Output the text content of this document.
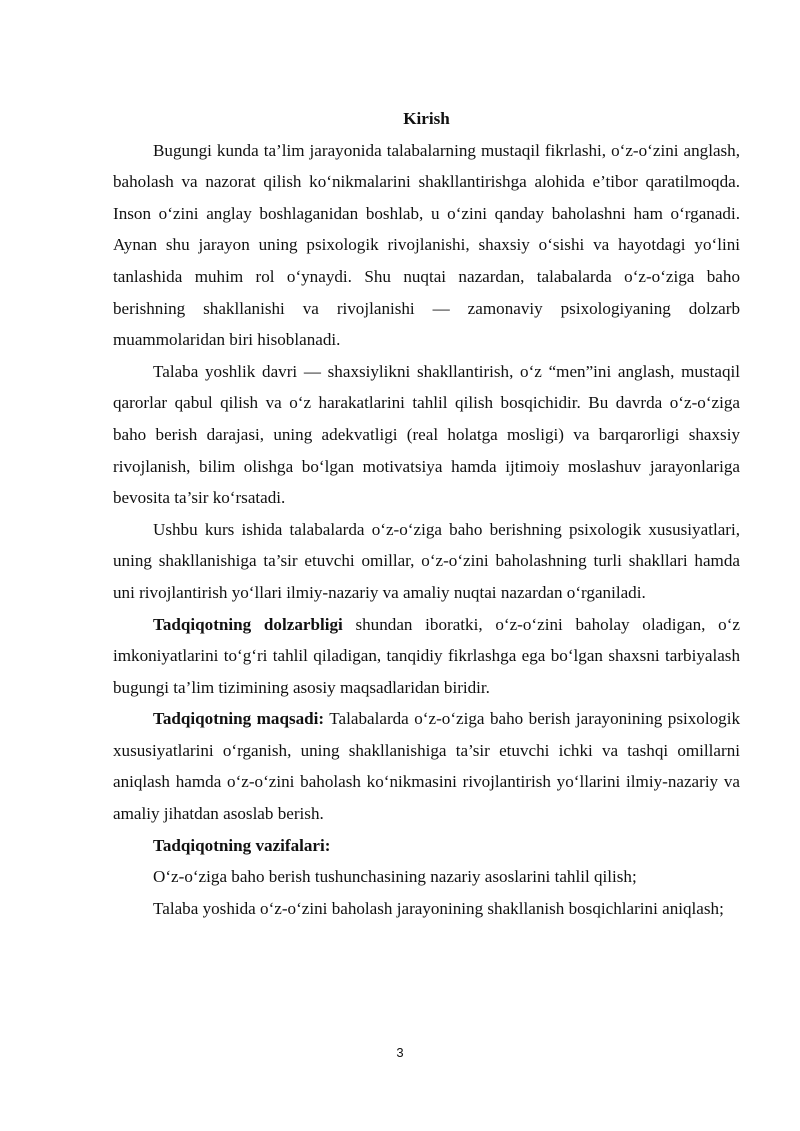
Kirish

Bugungi kunda ta’lim jarayonida talabalarning mustaqil fikrlashi, o‘z-o‘zini anglash, baholash va nazorat qilish ko‘nikmalarini shakllantirishga alohida e’tibor qaratilmoqda. Inson o‘zini anglay boshlaganidan boshlab, u o‘zini qanday baholashni ham o‘rganadi. Aynan shu jarayon uning psixologik rivojlanishi, shaxsiy o‘sishi va hayotdagi yo‘lini tanlashida muhim rol o‘ynaydi. Shu nuqtai nazardan, talabalarda o‘z-o‘ziga baho berishning shakllanishi va rivojlanishi — zamonaviy psixologiyaning dolzarb muammolaridan biri hisoblanadi.

Talaba yoshlik davri — shaxsiylikni shakllantirish, o‘z “men”ini anglash, mustaqil qarorlar qabul qilish va o‘z harakatlarini tahlil qilish bosqichidir. Bu davrda o‘z-o‘ziga baho berish darajasi, uning adekvatligi (real holatga mosligi) va barqarorligi shaxsiy rivojlanish, bilim olishga bo‘lgan motivatsiya hamda ijtimoiy moslashuv jarayonlariga bevosita ta’sir ko‘rsatadi.

Ushbu kurs ishida talabalarda o‘z-o‘ziga baho berishning psixologik xususiyatlari, uning shakllanishiga ta’sir etuvchi omillar, o‘z-o‘zini baholashning turli shakllari hamda uni rivojlantirish yo‘llari ilmiy-nazariy va amaliy nuqtai nazardan o‘rganiladi.

Tadqiqotning dolzarbligi shundan iboratki, o‘z-o‘zini baholay oladigan, o‘z imkoniyatlarini to‘g‘ri tahlil qiladigan, tanqidiy fikrlashga ega bo‘lgan shaxsni tarbiyalash bugungi ta’lim tizimining asosiy maqsadlaridan biridir.

Tadqiqotning maqsadi: Talabalarda o‘z-o‘ziga baho berish jarayonining psixologik xususiyatlarini o‘rganish, uning shakllanishiga ta’sir etuvchi ichki va tashqi omillarni aniqlash hamda o‘z-o‘zini baholash ko‘nikmasini rivojlantirish yo‘llarini ilmiy-nazariy va amaliy jihatdan asoslab berish.

Tadqiqotning vazifalari:

O‘z-o‘ziga baho berish tushunchasining nazariy asoslarini tahlil qilish;

Talaba yoshida o‘z-o‘zini baholash jarayonining shakllanish bosqichlarini aniqlash;

3
